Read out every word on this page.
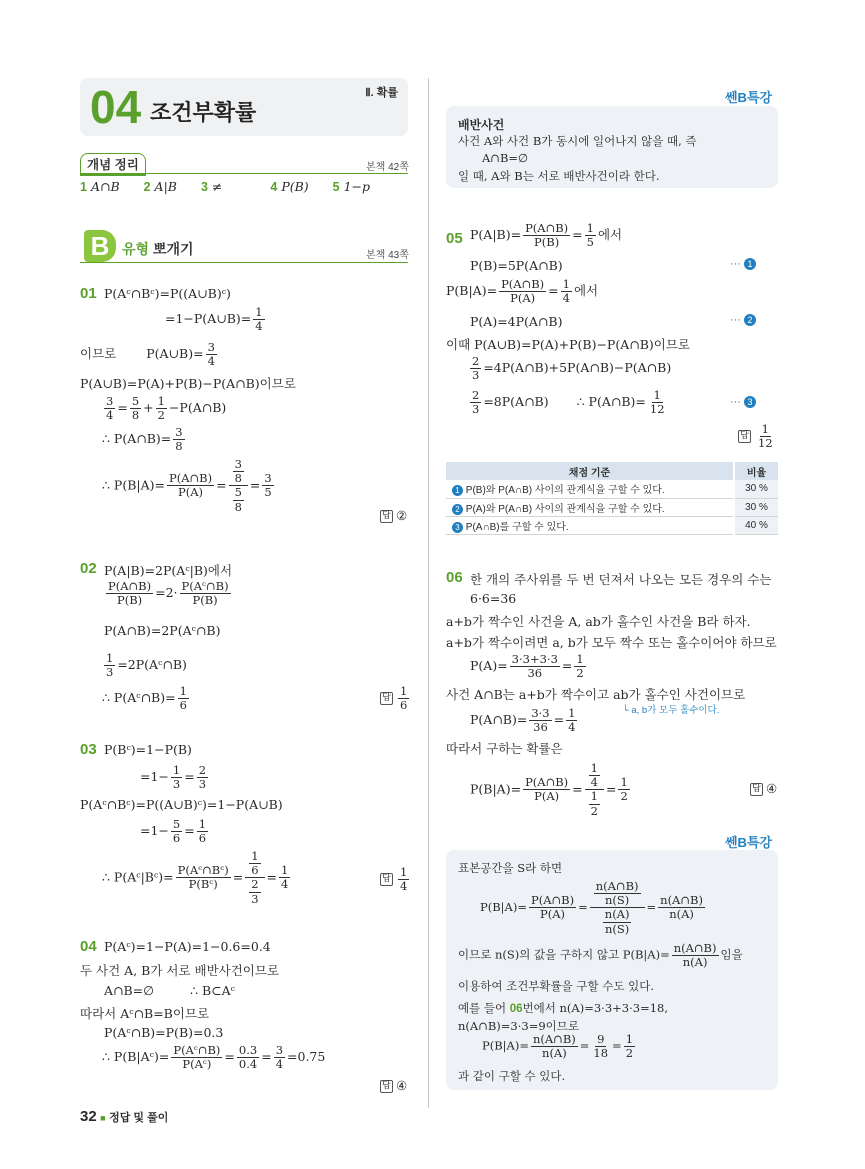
04 조건부확률
Ⅱ. 확률
개념 정리	본책 42쪽
1 A∩B 2 A|B 3 ≠	4 P(B) 5 1−p
B 유형 뽀개기	본책 43쪽
01 P(Aᶜ∩Bᶜ)=P((A∪B)ᶜ)
=1−P(A∪B)= $\frac{1}{4}$
이므로 P(A∪B)= $\frac{3}{4}$
P(A∪B)=P(A)+P(B)−P(A∩B)이므로
$\frac{3}{4} = \frac{5}{8} + \frac{1}{2}$ −P(A∩B)
∴ P(A∩B)= $\frac{3}{8}$
∴ $P(B|A)= \frac{P(A\cap B)}{P(A)} = \frac{\frac{3}{8}}{\frac{5}{8}} = \frac{3}{5}$
답 ②
02 P(A|B)=2P(Aᶜ|B)에서
$\frac{P(A\cap B)}{P(B)} =2\cdot \frac{\text{P(Aᶜ∩B)}}{P(B)}$
P(A∩B)=2P(Aᶜ∩B)
$\frac{1}{3}$ =2P(Aᶜ∩B)
∴ P(Aᶜ∩B)= $\frac{1}{6}$	답 $\frac{1}{6}$
03 P(Bᶜ)=1−P(B)
$=1- \frac{1}{3} = \frac{2}{3}$
P(Aᶜ∩Bᶜ)=P((A∪B)ᶜ)=1−P(A∪B)
$=1- \frac{5}{6} = \frac{1}{6}$
∴ P(Aᶜ|Bᶜ)= $\frac{\text{P(Aᶜ∩Bᶜ)}}{\text{P(Bᶜ)}} = \frac{\frac{1}{6}}{\frac{2}{3}} = \frac{1}{4}$	답 $\frac{1}{4}$
04 P(Aᶜ)=1−P(A)=1−0.6=0.4
두 사건 A, B가 서로 배반사건이므로
A∩B=∅	∴ B⊂Aᶜ
따라서 Aᶜ∩B=B이므로
P(Aᶜ∩B)=P(B)=0.3
∴ P(B|Aᶜ)= $\frac{\text{P(Aᶜ∩B)}}{\text{P(Aᶜ)}} = \frac{0.3}{0.4} = \frac{3}{4} =0.75$
답 ④
32 ■ 정답 및 풀이
쎈B특강
배반사건
사건 A와 사건 B가 동시에 일어나지 않을 때, 즉
A∩B=∅
일 때, A와 B는 서로 배반사건이라 한다.
05 $P(A|B)= \frac{P(A\cap B)}{P(B)} = \frac{1}{5}$ 에서
P(B)=5P(A∩B)	··· 1
$P(B|A)= \frac{P(A\cap B)}{P(A)} = \frac{1}{4}$ 에서
P(A)=4P(A∩B)	··· 2
이때 P(A∪B)=P(A)+P(B)−P(A∩B)이므로
$\frac{2}{3}$ =4P(A∩B)+5P(A∩B)−P(A∩B)
$\frac{2}{3}$ =8P(A∩B) ∴ P(A∩B)= $\frac{1}{12}$	··· 3
답 $\frac{1}{12}$
채점 기준	비율
1 P(B)와 P(A∩B) 사이의 관계식을 구할 수 있다.	30 %
2 P(A)와 P(A∩B) 사이의 관계식을 구할 수 있다.	30 %
3 P(A∩B)를 구할 수 있다.	40 %
06 한 개의 주사위를 두 번 던져서 나오는 모든 경우의 수는
6·6=36
a+b가 짝수인 사건을 A, ab가 홀수인 사건을 B라 하자.
a+b가 짝수이려면 a, b가 모두 짝수 또는 홀수이어야 하므로
$P(A)= \frac{3\cdot 3+3\cdot 3}{36} = \frac{1}{2}$
사건 A∩B는 a+b가 짝수이고 ab가 홀수인 사건이므로
└ a, b가 모두 홀수이다.
P(A∩B)= $\frac{3\cdot 3}{36} = \frac{1}{4}$
따라서 구하는 확률은
$P(B|A)= \frac{P(A\cap B)}{P(A)} = \frac{\frac{1}{4}}{\frac{1}{2}} = \frac{1}{2}$	답 ④
쎈B특강
표본공간을 S라 하면
$P(B|A)= \frac{P(A\cap B)}{P(A)} = \frac{\frac{n(A\cap B)}{n(S)}}{\frac{n(A)}{n(S)}} = \frac{n(A\cap B)}{n(A)}$
이므로 n(S)의 값을 구하지 않고 $P(B|A)= \frac{n(A\cap B)}{n(A)}$ 임을
이용하여 조건부확률을 구할 수도 있다.
예를 들어 06번에서 n(A)=3·3+3·3=18,
n(A∩B)=3·3=9이므로
$P(B|A)= \frac{n(A\cap B)}{n(A)} = \frac{9}{18} = \frac{1}{2}$
과 같이 구할 수 있다.
